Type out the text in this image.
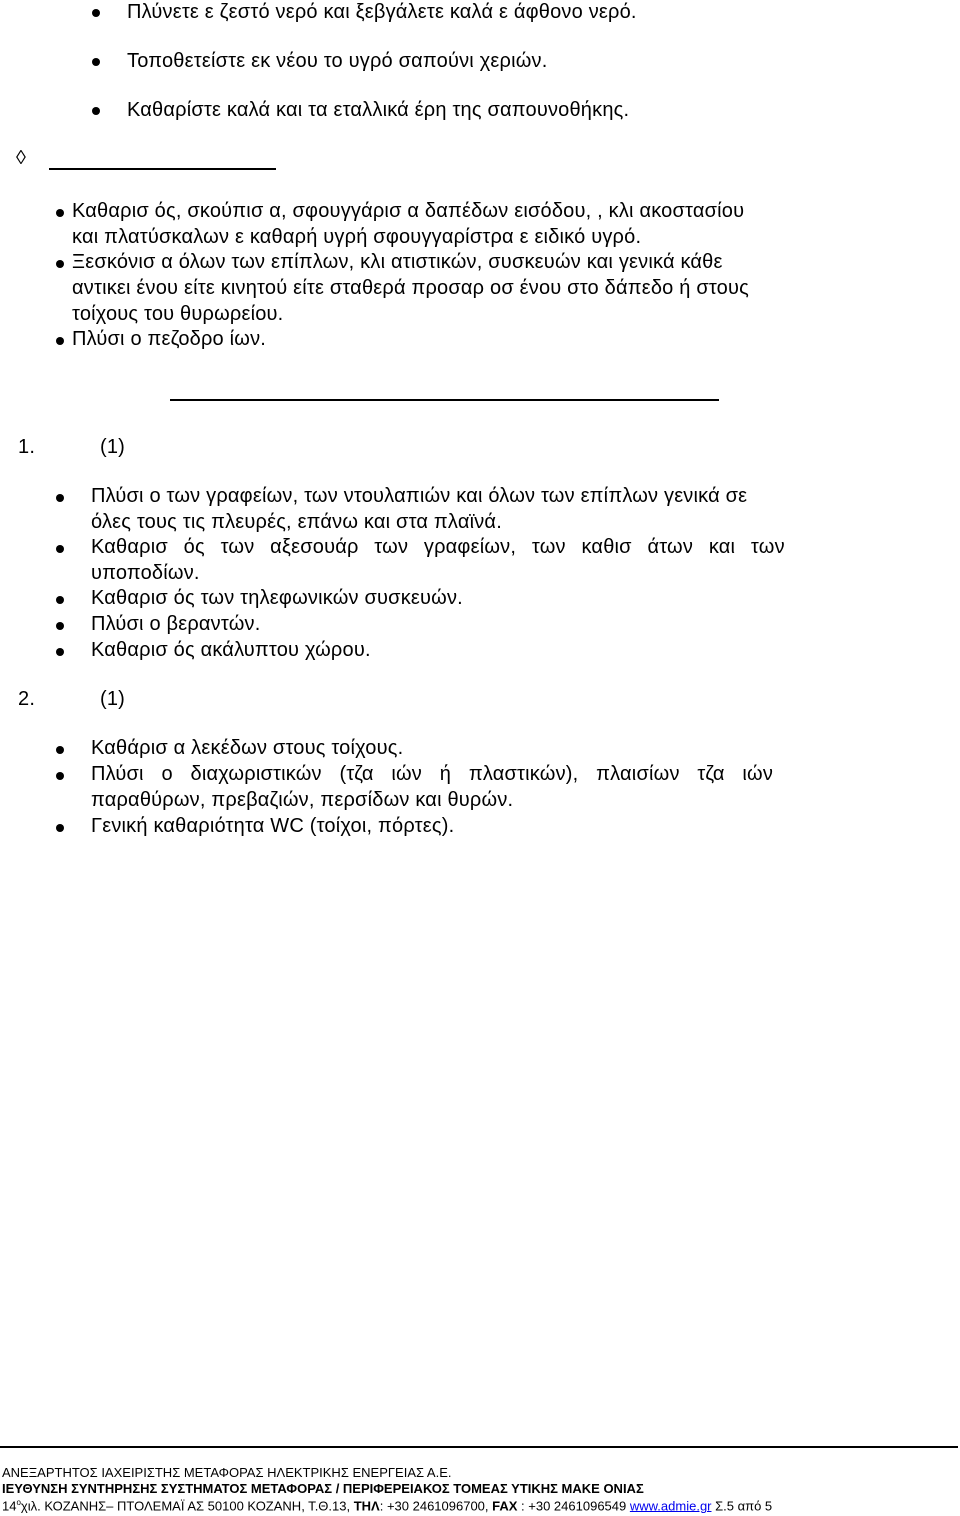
Πλύνετε ε ζεστό νερό και ξεβγάλετε καλά ε άφθονο νερό.
Τοποθετείστε εκ νέου το υγρό σαπούνι χεριών.
Καθαρίστε καλά και τα εταλλικά έρη της σαπουνοθήκης.
◊
Καθαρισ ός, σκούπισ α, σφουγγάρισ α δαπέδων εισόδου, , κλι ακοστασίου
και πλατύσκαλων ε καθαρή υγρή σφουγγαρίστρα ε ειδικό υγρό.
Ξεσκόνισ α όλων των επίπλων, κλι ατιστικών, συσκευών και γενικά κάθε
αντικει ένου είτε κινητού είτε σταθερά προσαρ οσ ένου στο δάπεδο ή στους
τοίχους του θυρωρείου.
Πλύσι ο πεζοδρο ίων.
1.	(1)
Πλύσι ο των γραφείων, των ντουλαπιών και όλων των επίπλων γενικά σε
όλες τους τις πλευρές, επάνω και στα πλαϊνά.
Καθαρισ ός των αξεσουάρ των γραφείων, των καθισ άτων και των
υποποδίων.
Καθαρισ ός των τηλεφωνικών συσκευών.
Πλύσι ο βεραντών.
Καθαρισ ός ακάλυπτου χώρου.
2.	(1)
Καθάρισ α λεκέδων στους τοίχους.
Πλύσι ο διαχωριστικών (τζα ιών ή πλαστικών), πλαισίων τζα ιών
παραθύρων, πρεβαζιών, περσίδων και θυρών.
Γενική καθαριότητα WC (τοίχοι, πόρτες).
ΑΝΕΞΑΡΤΗΤΟΣ ΙΑΧΕΙΡΙΣΤΗΣ ΜΕΤΑΦΟΡΑΣ ΗΛΕΚΤΡΙΚΗΣ ΕΝΕΡΓΕΙΑΣ Α.Ε.
ΙΕΥΘΥΝΣΗ ΣΥΝΤΗΡΗΣΗΣ ΣΥΣΤΗΜΑΤΟΣ ΜΕΤΑΦΟΡΑΣ / ΠΕΡΙΦΕΡΕΙΑΚΟΣ ΤΟΜΕΑΣ ΥΤΙΚΗΣ ΜΑΚΕ ΟΝΙΑΣ
$14^o\chi\iota\lambda$. ΚΟΖΑΝΗΣ– ΠΤΟΛΕΜΑΪ ΑΣ 50100 ΚΟΖΑΝΗ, Τ.Θ.13, ΤΗΛ: +30 2461096700, FAX : +30 2461096549 www.admie.gr Σ.5 από 5
